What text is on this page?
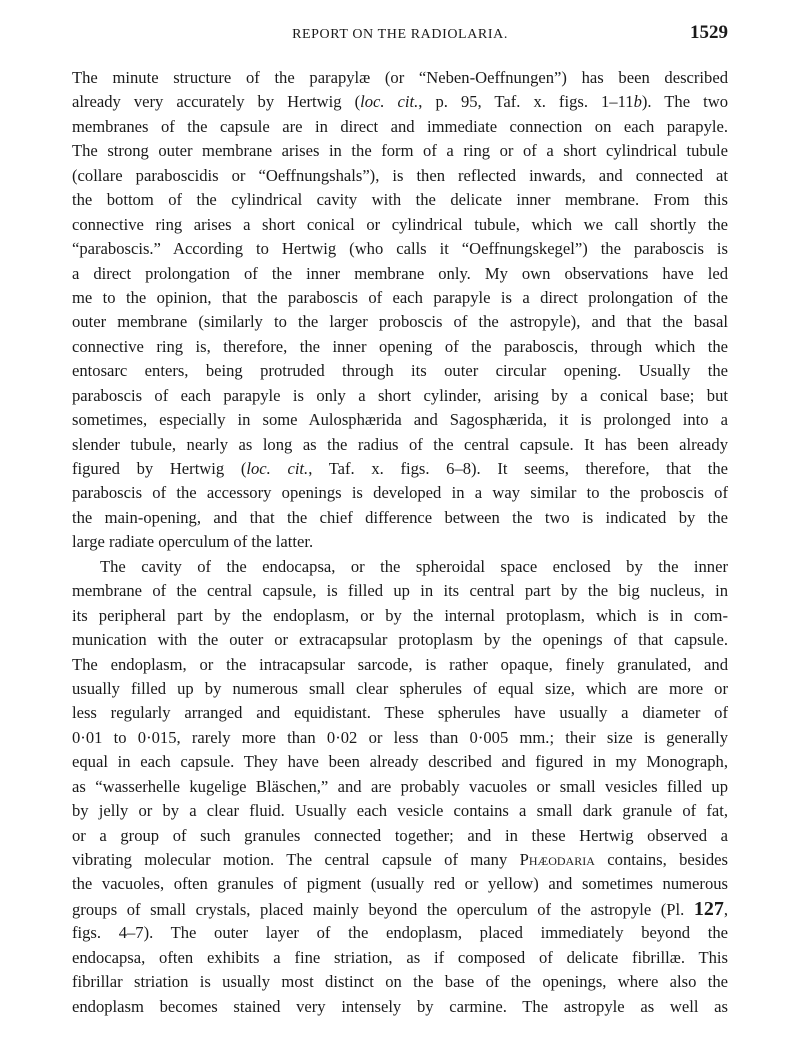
REPORT ON THE RADIOLARIA.	1529
The minute structure of the parapylæ (or “Neben-Oeffnungen”) has been described
already very accurately by Hertwig (loc. cit., p. 95, Taf. x. figs. 1–11b). The two
membranes of the capsule are in direct and immediate connection on each parapyle.
The strong outer membrane arises in the form of a ring or of a short cylindrical tubule
(collare paraboscidis or “Oeffnungshals”), is then reflected inwards, and connected at
the bottom of the cylindrical cavity with the delicate inner membrane. From this
connective ring arises a short conical or cylindrical tubule, which we call shortly the
“paraboscis.” According to Hertwig (who calls it “Oeffnungskegel”) the paraboscis is
a direct prolongation of the inner membrane only. My own observations have led
me to the opinion, that the paraboscis of each parapyle is a direct prolongation of the
outer membrane (similarly to the larger proboscis of the astropyle), and that the basal
connective ring is, therefore, the inner opening of the paraboscis, through which the
entosarc enters, being protruded through its outer circular opening. Usually the
paraboscis of each parapyle is only a short cylinder, arising by a conical base; but
sometimes, especially in some Aulosphærida and Sagosphærida, it is prolonged into a
slender tubule, nearly as long as the radius of the central capsule. It has been already
figured by Hertwig (loc. cit., Taf. x. figs. 6–8). It seems, therefore, that the
paraboscis of the accessory openings is developed in a way similar to the proboscis of
the main-opening, and that the chief difference between the two is indicated by the
large radiate operculum of the latter.
The cavity of the endocapsa, or the spheroidal space enclosed by the inner
membrane of the central capsule, is filled up in its central part by the big nucleus, in
its peripheral part by the endoplasm, or by the internal protoplasm, which is in com-
munication with the outer or extracapsular protoplasm by the openings of that capsule.
The endoplasm, or the intracapsular sarcode, is rather opaque, finely granulated, and
usually filled up by numerous small clear spherules of equal size, which are more or
less regularly arranged and equidistant. These spherules have usually a diameter of
0·01 to 0·015, rarely more than 0·02 or less than 0·005 mm.; their size is generally
equal in each capsule. They have been already described and figured in my Monograph,
as “wasserhelle kugelige Bläschen,” and are probably vacuoles or small vesicles filled up
by jelly or by a clear fluid. Usually each vesicle contains a small dark granule of fat,
or a group of such granules connected together; and in these Hertwig observed a
vibrating molecular motion. The central capsule of many Phæodaria contains, besides
the vacuoles, often granules of pigment (usually red or yellow) and sometimes numerous
groups of small crystals, placed mainly beyond the operculum of the astropyle (Pl. 127,
figs. 4–7). The outer layer of the endoplasm, placed immediately beyond the
endocapsa, often exhibits a fine striation, as if composed of delicate fibrillæ. This
fibrillar striation is usually most distinct on the base of the openings, where also the
endoplasm becomes stained very intensely by carmine. The astropyle as well as
